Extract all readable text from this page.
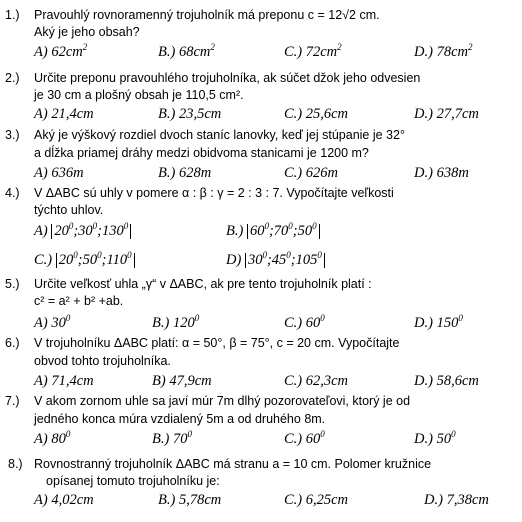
1.) Pravouhlý rovnoramenný trojuholník má preponu c = 12√2 cm.
Aký je jeho obsah?
A) $62cm^2$	B.) $68cm^2$	C.) $72cm^2$	D.) $78cm^2$
2.) Určite preponu pravouhlého trojuholníka, ak súčet džok jeho odvesien
je 30 cm a plošný obsah je 110,5 cm².
A) 21,4cm	B.) 23,5cm	C.) 25,6cm	D.) 27,7cm
3.) Aký je výškový rozdiel dvoch staníc lanovky, keď jej stúpanie je 32°
a dĺžka priamej dráhy medzi obidvoma stanicami je 1200 m?
A) 636m	B.) 628m	C.) 626m	D.) 638m
4.) V ΔABC sú uhly v pomere α : β : γ = 2 : 3 : 7. Vypočítajte veľkosti
týchto uhlov.
A) $20^0;30^0;130^0$	B.) $60^0;70^0;50^0$
C.) $20^0;50^0;110^0$	D) $30^0;45^0;105^0$
5.) Určite veľkosť uhla „γ“ v ΔABC, ak pre tento trojuholník platí :
c² = a² + b² +ab.
A) $30^0$	B.) $120^0$	C.) $60^0$	D.) $150^0$
6.) V trojuholníku ΔABC platí: α = 50°, β = 75°, c = 20 cm. Vypočítajte
obvod tohto trojuholníka.
A) 71,4cm	B) 47,9cm	C.) 62,3cm	D.) 58,6cm
7.) V akom zornom uhle sa javí múr 7m dlhý pozorovateľovi, ktorý je od
jedného konca múra vzdialený 5m a od druhého 8m.
A) $80^0$	B.) $70^0$	C.) $60^0$	D.) $50^0$
8.) Rovnostranný trojuholník ΔABC má stranu a = 10 cm. Polomer kružnice
opísanej tomuto trojuholníku je:
A) 4,02cm	B.) 5,78cm	C.) 6,25cm	D.) 7,38cm
